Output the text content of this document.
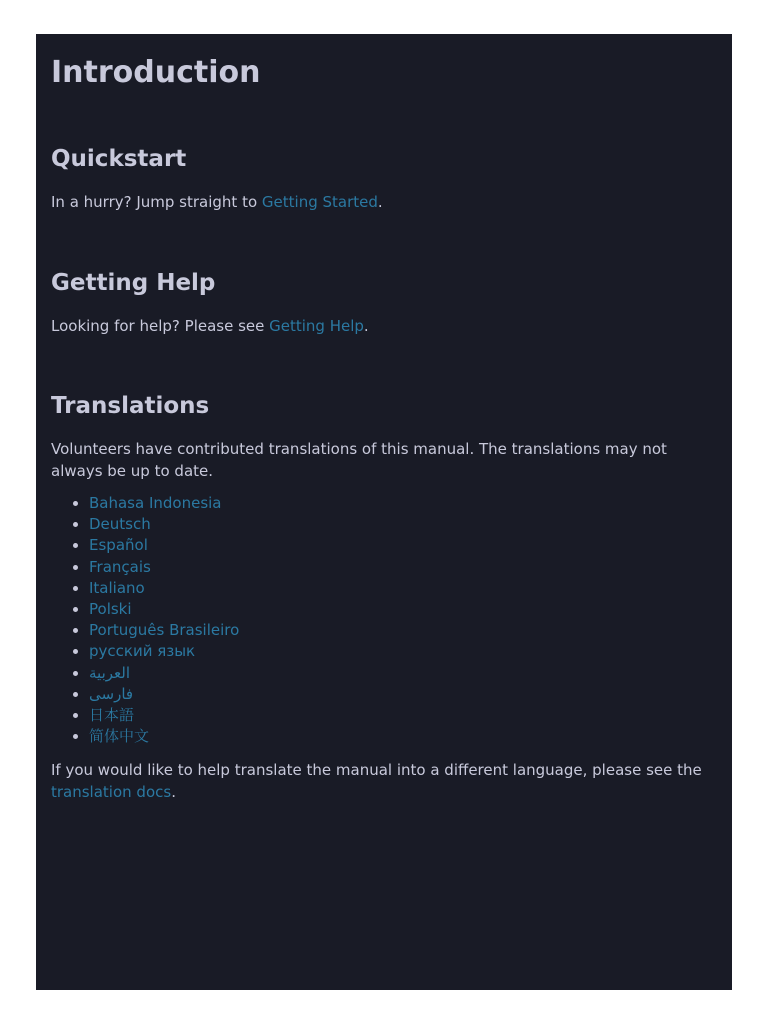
Introduction
Quickstart

In a hurry? Jump straight to Getting Started.

Getting Help

Looking for help? Please see Getting Help.

Translations

Volunteers have contributed translations of this manual. The translations may not always be up to date.

• Bahasa Indonesia
• Deutsch
• Español
• Français
• Italiano
• Polski
• Português Brasileiro
• русский язык
• العربية
• فارسی
• 日本語
• 简体中文

If you would like to help translate the manual into a different language, please see the translation docs.
